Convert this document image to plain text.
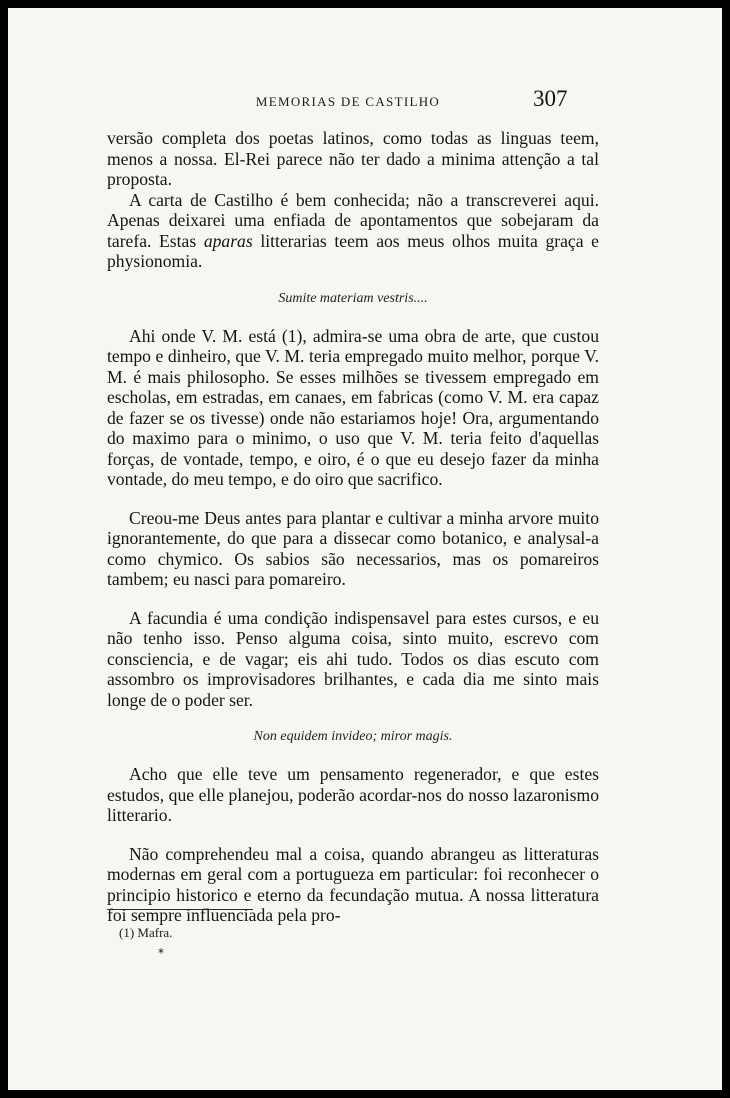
MEMORIAS DE CASTILHO	307

versão completa dos poetas latinos, como todas as linguas teem, menos a nossa. El-Rei parece não ter dado a minima attenção a tal proposta.

A carta de Castilho é bem conhecida; não a transcreverei aqui. Apenas deixarei uma enfiada de apontamentos que sobejaram da tarefa. Estas aparas litterarias teem aos meus olhos muita graça e physionomia.

Sumite materiam vestris....

Ahi onde V. M. está (1), admira-se uma obra de arte, que custou tempo e dinheiro, que V. M. teria empregado muito melhor, porque V. M. é mais philosopho. Se esses milhões se tivessem empregado em escholas, em estradas, em canaes, em fabricas (como V. M. era capaz de fazer se os tivesse) onde não estariamos hoje! Ora, argumentando do maximo para o minimo, o uso que V. M. teria feito d'aquellas forças, de vontade, tempo, e oiro, é o que eu desejo fazer da minha vontade, do meu tempo, e do oiro que sacrifico.

Creou-me Deus antes para plantar e cultivar a minha arvore muito ignorantemente, do que para a dissecar como botanico, e analysal-a como chymico. Os sabios são necessarios, mas os pomareiros tambem; eu nasci para pomareiro.

A facundia é uma condição indispensavel para estes cursos, e eu não tenho isso. Penso alguma coisa, sinto muito, escrevo com consciencia, e de vagar; eis ahi tudo. Todos os dias escuto com assombro os improvisadores brilhantes, e cada dia me sinto mais longe de o poder ser.

Non equidem invideo; miror magis.

Acho que elle teve um pensamento regenerador, e que estes estudos, que elle planejou, poderão acordar-nos do nosso lazaronismo litterario.

Não comprehendeu mal a coisa, quando abrangeu as litteraturas modernas em geral com a portugueza em particular: foi reconhecer o principio historico e eterno da fecundação mutua. A nossa litteratura foi sempre influenciada pela pro-

(1) Mafra.
*
